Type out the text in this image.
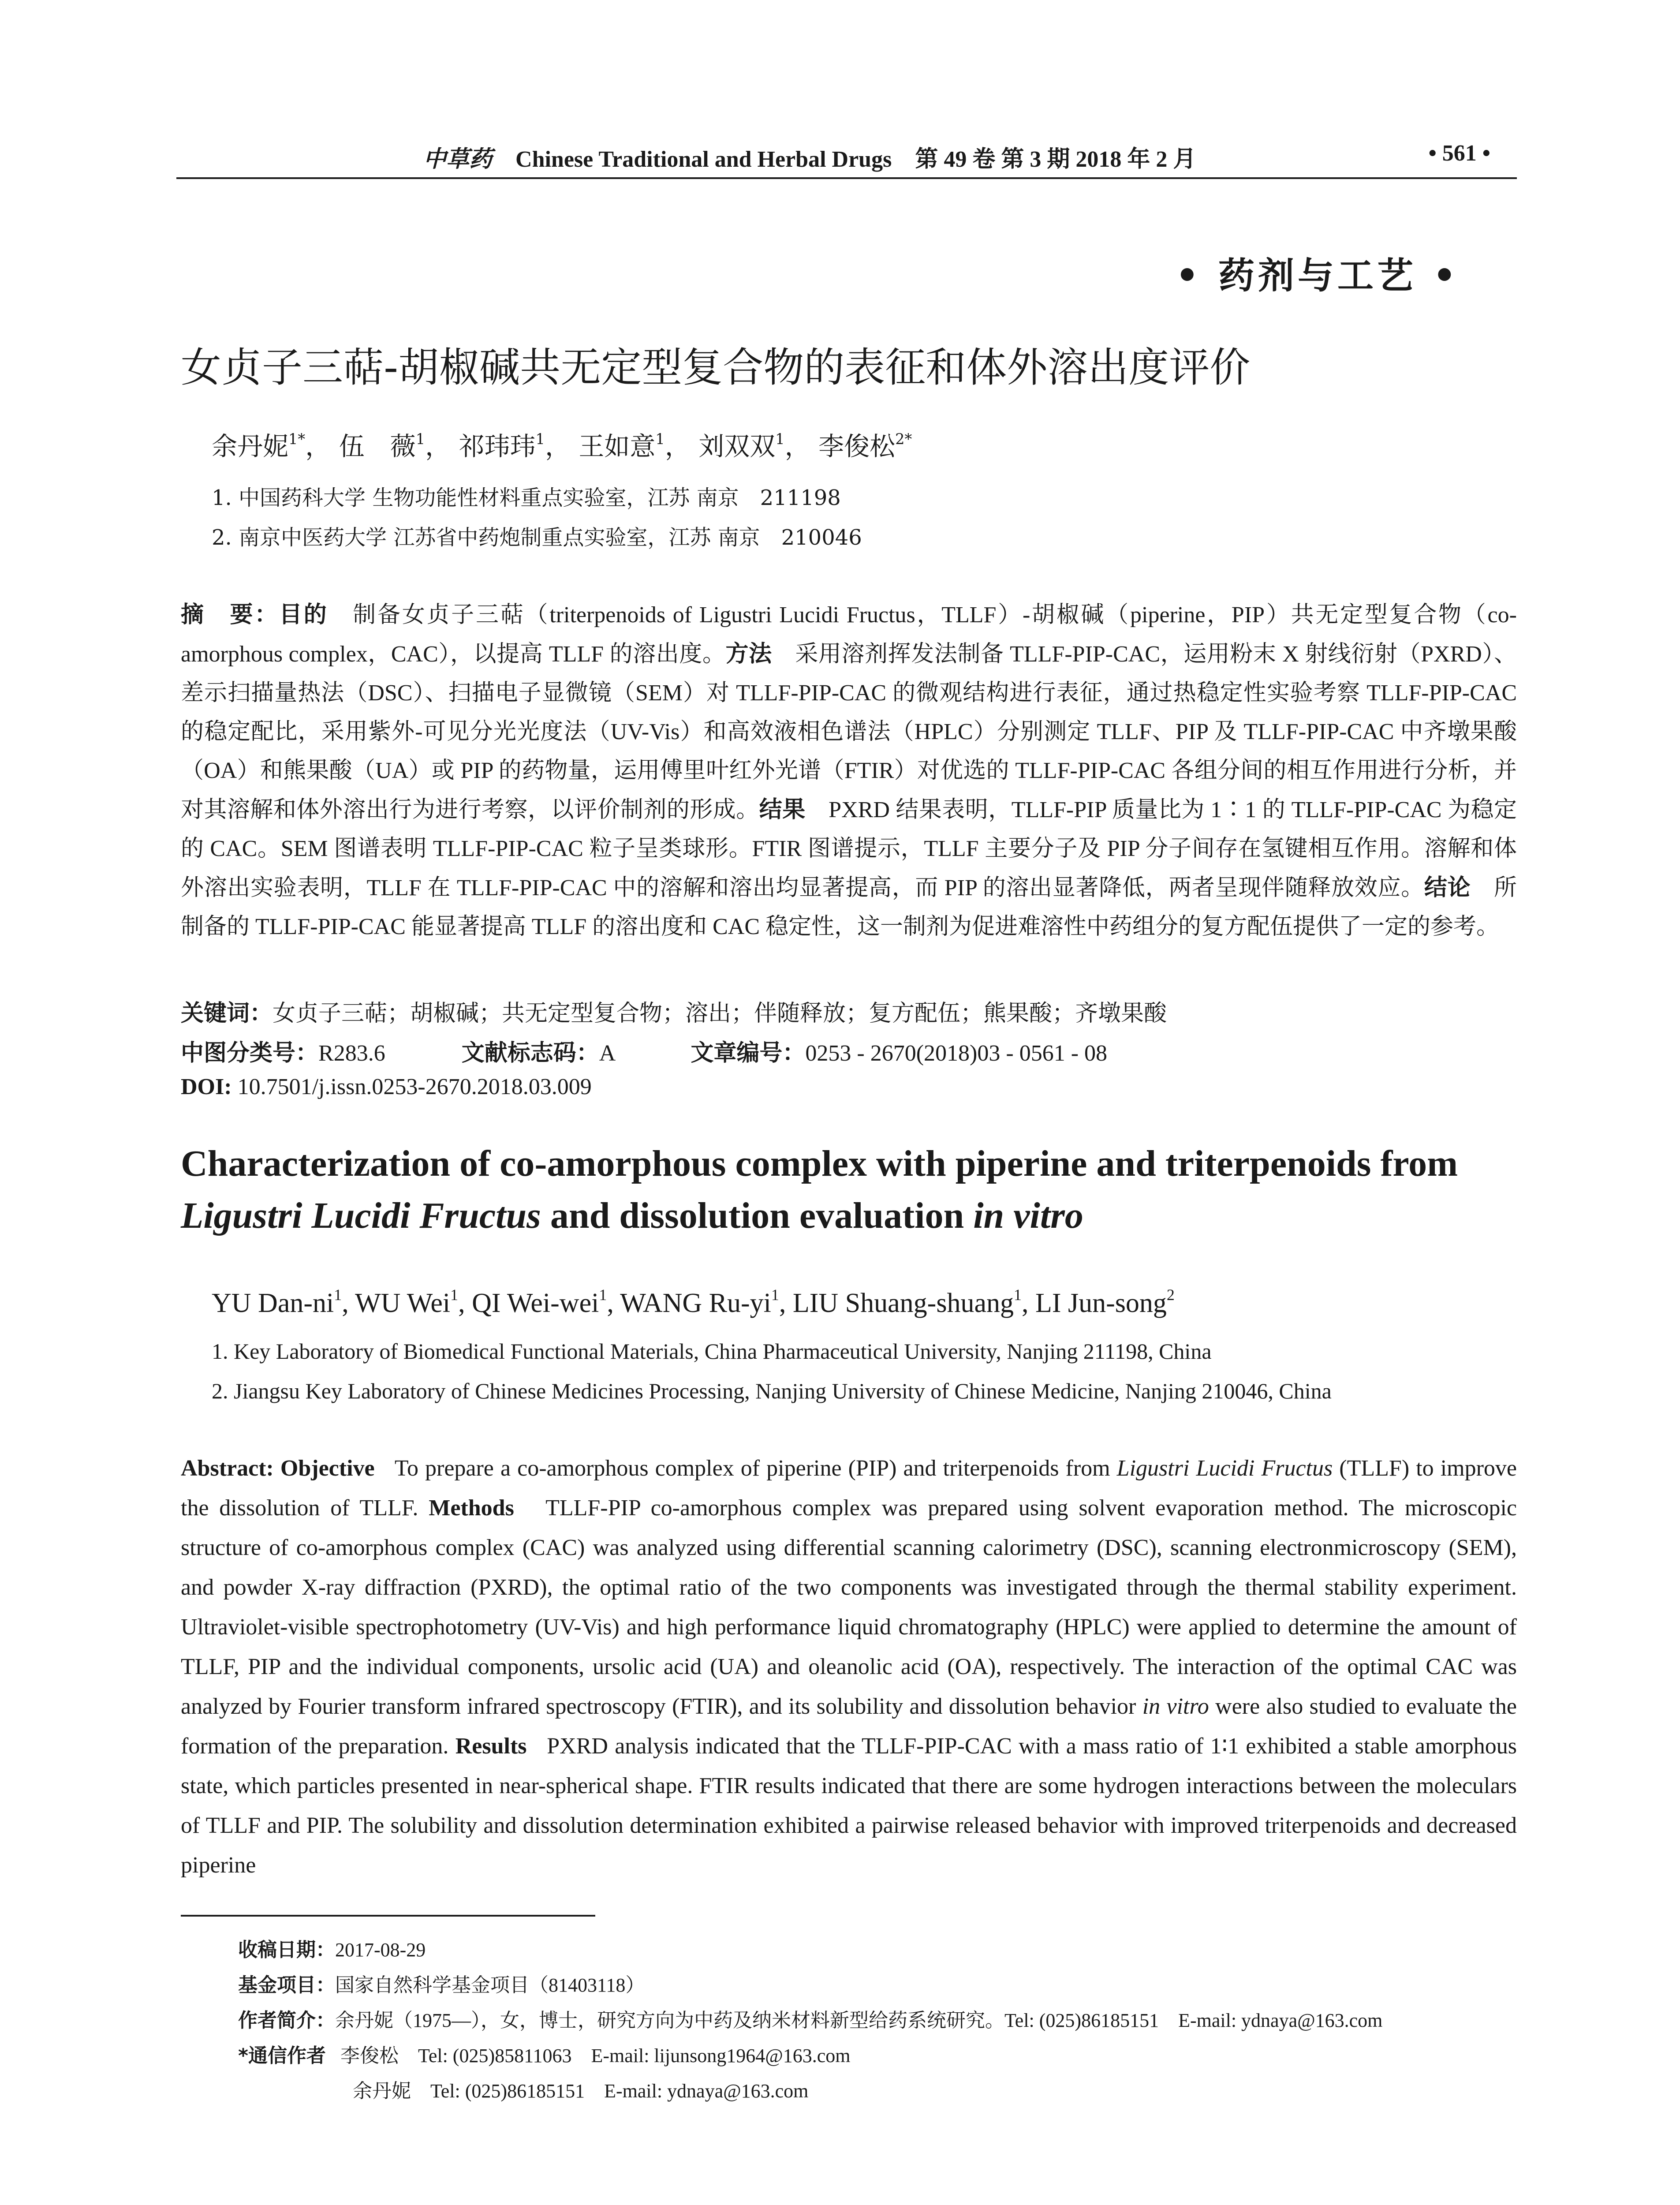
中草药 Chinese Traditional and Herbal Drugs 第 49 卷 第 3 期 2018 年 2 月	• 561 •
• 药剂与工艺 •
女贞子三萜-胡椒碱共无定型复合物的表征和体外溶出度评价
余丹妮$^{1*}$， 伍　薇$^1$， 祁玮玮$^1$， 王如意$^1$， 刘双双$^1$， 李俊松$^{2*}$
1. 中国药科大学 生物功能性材料重点实验室，江苏 南京　211198
2. 南京中医药大学 江苏省中药炮制重点实验室，江苏 南京　210046
摘　要：目的　 制备女贞子三萜（triterpenoids of Ligustri Lucidi Fructus，TLLF）-胡椒碱（piperine，PIP）共无定型复合物（co-amorphous complex，CAC），以提高 TLLF 的溶出度。方法　 采用溶剂挥发法制备 TLLF-PIP-CAC，运用粉末 X 射线衍射（PXRD）、差示扫描量热法（DSC）、扫描电子显微镜（SEM）对 TLLF-PIP-CAC 的微观结构进行表征，通过热稳定性实验考察 TLLF-PIP-CAC 的稳定配比，采用紫外-可见分光光度法（UV-Vis）和高效液相色谱法（HPLC）分别测定 TLLF、PIP 及 TLLF-PIP-CAC 中齐墩果酸（OA）和熊果酸（UA）或 PIP 的药物量，运用傅里叶红外光谱（FTIR）对优选的 TLLF-PIP-CAC 各组分间的相互作用进行分析，并对其溶解和体外溶出行为进行考察，以评价制剂的形成。结果　 PXRD 结果表明，TLLF-PIP 质量比为 1∶1 的 TLLF-PIP-CAC 为稳定的 CAC。SEM 图谱表明 TLLF-PIP-CAC 粒子呈类球形。FTIR 图谱提示，TLLF 主要分子及 PIP 分子间存在氢键相互作用。溶解和体外溶出实验表明，TLLF 在 TLLF-PIP-CAC 中的溶解和溶出均显著提高，而 PIP 的溶出显著降低，两者呈现伴随释放效应。结论　 所制备的 TLLF-PIP-CAC 能显著提高 TLLF 的溶出度和 CAC 稳定性，这一制剂为促进难溶性中药组分的复方配伍提供了一定的参考。
关键词：女贞子三萜；胡椒碱；共无定型复合物；溶出；伴随释放；复方配伍；熊果酸；齐墩果酸
中图分类号：R283.6	文献标志码：A	文章编号：0253 - 2670(2018)03 - 0561 - 08
DOI: 10.7501/j.issn.0253-2670.2018.03.009
Characterization of co-amorphous complex with piperine and triterpenoids from Ligustri Lucidi Fructus and dissolution evaluation in vitro
YU Dan-$ni^1$, WU Wei$^1$, QI Wei-wei$^1$, WANG $Ru-yi^1$, LIU Shuang-shuang$^1$, LI Jun-song$^2$
1. Key Laboratory of Biomedical Functional Materials, China Pharmaceutical University, Nanjing 211198, China
2. Jiangsu Key Laboratory of Chinese Medicines Processing, Nanjing University of Chinese Medicine, Nanjing 210046, China
Abstract: Objective To prepare a co-amorphous complex of piperine (PIP) and triterpenoids from Ligustri Lucidi Fructus (TLLF) to improve the dissolution of TLLF. Methods TLLF-PIP co-amorphous complex was prepared using solvent evaporation method. The microscopic structure of co-amorphous complex (CAC) was analyzed using differential scanning calorimetry (DSC), scanning electronmicroscopy (SEM), and powder X-ray diffraction (PXRD), the optimal ratio of the two components was investigated through the thermal stability experiment. Ultraviolet-visible spectrophotometry (UV-Vis) and high performance liquid chromatography (HPLC) were applied to determine the amount of TLLF, PIP and the individual components, ursolic acid (UA) and oleanolic acid (OA), respectively. The interaction of the optimal CAC was analyzed by Fourier transform infrared spectroscopy (FTIR), and its solubility and dissolution behavior in vitro were also studied to evaluate the formation of the preparation. Results PXRD analysis indicated that the TLLF-PIP-CAC with a mass ratio of 1∶1 exhibited a stable amorphous state, which particles presented in near-spherical shape. FTIR results indicated that there are some hydrogen interactions between the moleculars of TLLF and PIP. The solubility and dissolution determination exhibited a pairwise released behavior with improved triterpenoids and decreased piperine
收稿日期：2017-08-29
基金项目：国家自然科学基金项目（81403118）
作者简介：余丹妮（1975—），女，博士，研究方向为中药及纳米材料新型给药系统研究。Tel: (025)86185151　E-mail: ydnaya@163.com
*通信作者 李俊松　Tel: (025)85811063　E-mail: lijunsong1964@163.com
余丹妮　Tel: (025)86185151　E-mail: ydnaya@163.com
